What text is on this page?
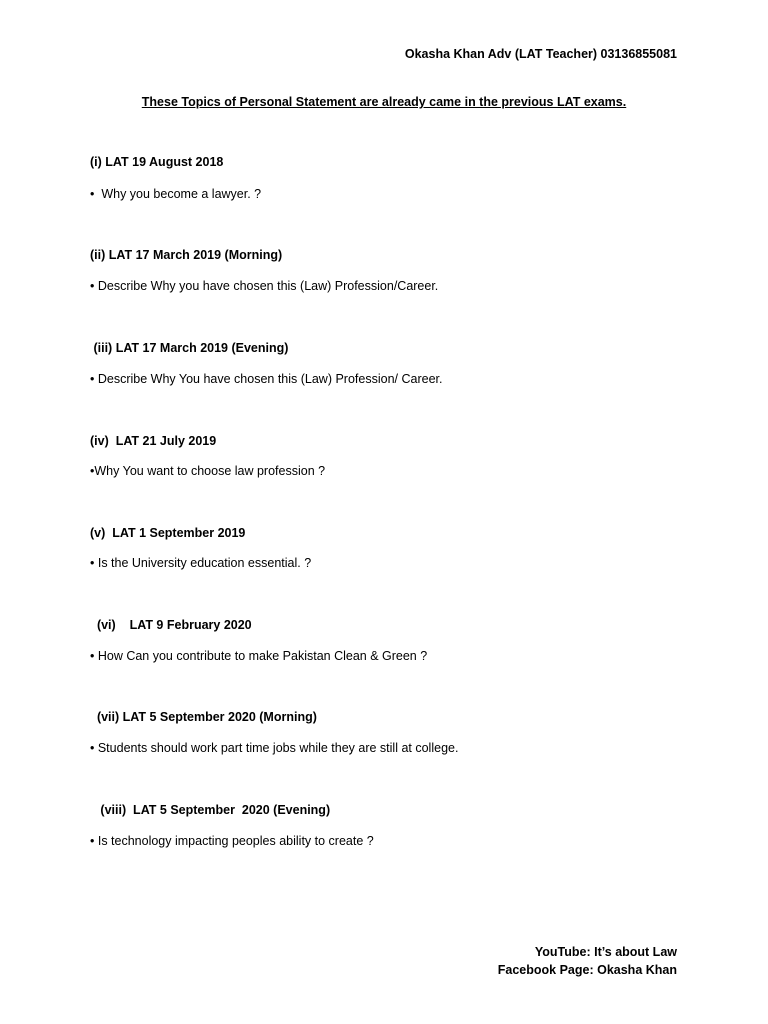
Okasha Khan Adv (LAT Teacher) 03136855081
These Topics of Personal Statement are already came in the previous LAT exams.
(i) LAT 19 August 2018
•  Why you become a lawyer. ?
(ii) LAT 17 March 2019 (Morning)
• Describe Why you have chosen this (Law) Profession/Career.
(iii) LAT 17 March 2019 (Evening)
• Describe Why You have chosen this (Law) Profession/ Career.
(iv)  LAT 21 July 2019
•Why You want to choose law profession ?
(v)  LAT 1 September 2019
• Is the University education essential. ?
(vi)    LAT 9 February 2020
• How Can you contribute to make Pakistan Clean & Green ?
(vii) LAT 5 September 2020 (Morning)
• Students should work part time jobs while they are still at college.
(viii)  LAT 5 September  2020 (Evening)
• Is technology impacting peoples ability to create ?
YouTube: It’s about Law
Facebook Page: Okasha Khan
